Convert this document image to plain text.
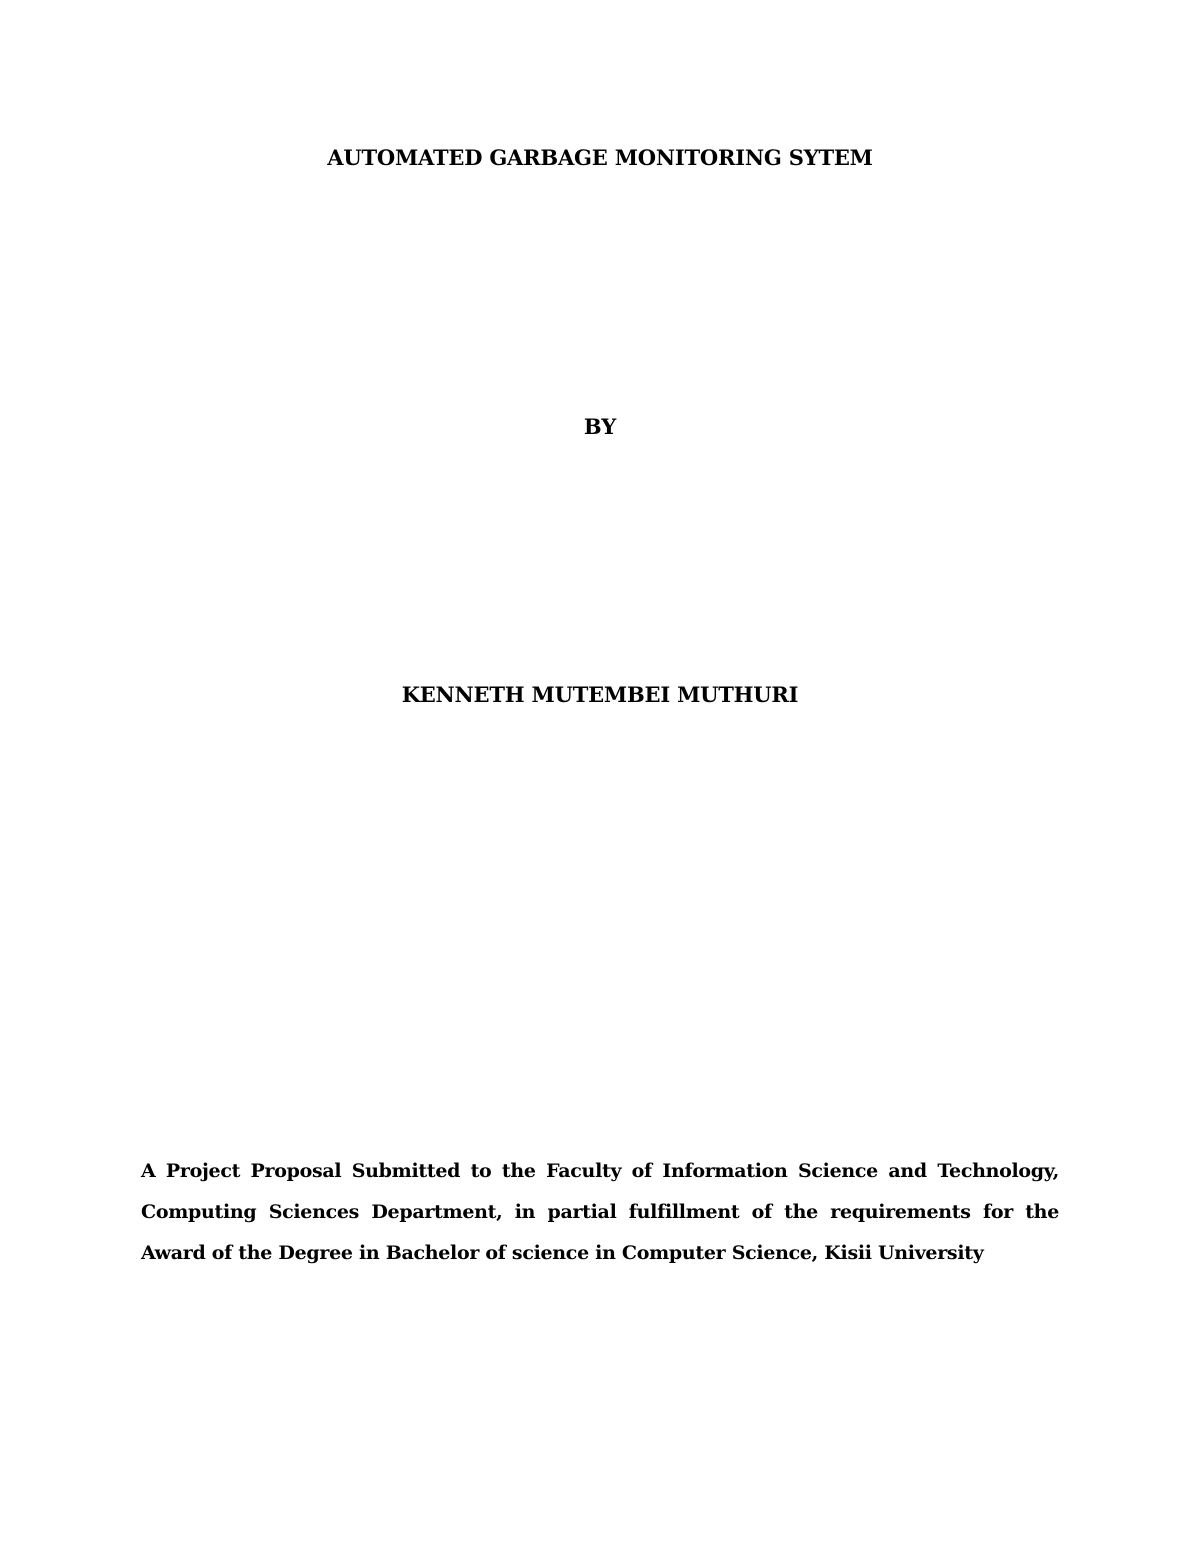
AUTOMATED GARBAGE MONITORING SYTEM
BY
KENNETH MUTEMBEI MUTHURI
A Project Proposal Submitted to the Faculty of Information Science and Technology, Computing Sciences Department, in partial fulfillment of the requirements for the Award of the Degree in Bachelor of science in Computer Science, Kisii University
